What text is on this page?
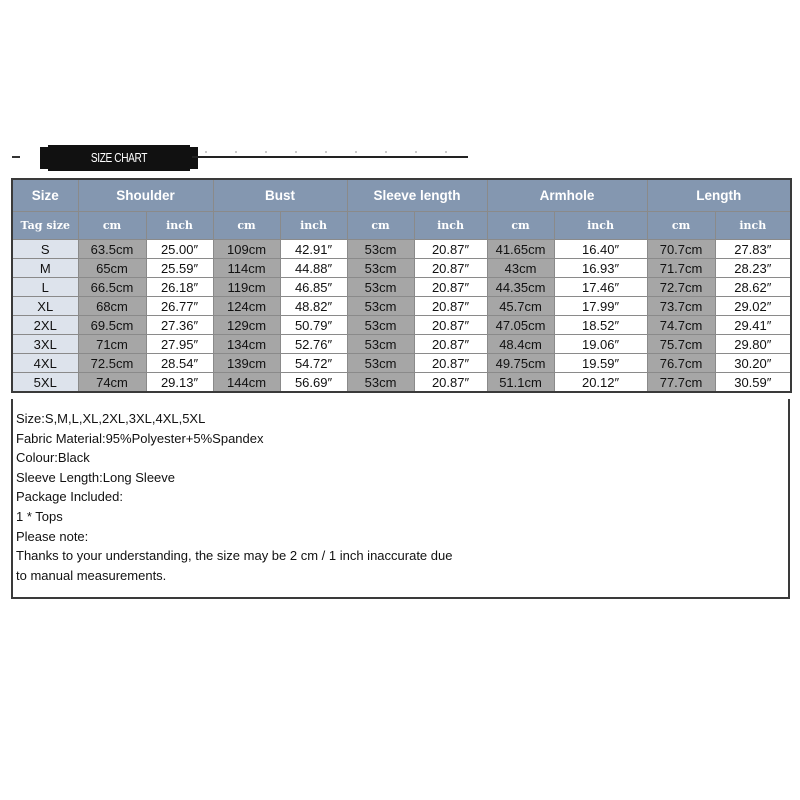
SIZE CHART
Size	Shoulder		Bust		Sleeve length		Armhole		Length	
Tag size	cm	inch	cm	inch	cm	inch	cm	inch	cm	inch
S	63.5cm	25.00″	109cm	42.91″	53cm	20.87″	41.65cm	16.40″	70.7cm	27.83″
M	65cm	25.59″	114cm	44.88″	53cm	20.87″	43cm	16.93″	71.7cm	28.23″
L	66.5cm	26.18″	119cm	46.85″	53cm	20.87″	44.35cm	17.46″	72.7cm	28.62″
XL	68cm	26.77″	124cm	48.82″	53cm	20.87″	45.7cm	17.99″	73.7cm	29.02″
2XL	69.5cm	27.36″	129cm	50.79″	53cm	20.87″	47.05cm	18.52″	74.7cm	29.41″
3XL	71cm	27.95″	134cm	52.76″	53cm	20.87″	48.4cm	19.06″	75.7cm	29.80″
4XL	72.5cm	28.54″	139cm	54.72″	53cm	20.87″	49.75cm	19.59″	76.7cm	30.20″
5XL	74cm	29.13″	144cm	56.69″	53cm	20.87″	51.1cm	20.12″	77.7cm	30.59″
Size:S,M,L,XL,2XL,3XL,4XL,5XL
Fabric Material:95%Polyester+5%Spandex
Colour:Black
Sleeve Length:Long Sleeve
Package Included:
1 * Tops
Please note:
Thanks to your understanding, the size may be 2 cm / 1 inch inaccurate due
to manual measurements.
